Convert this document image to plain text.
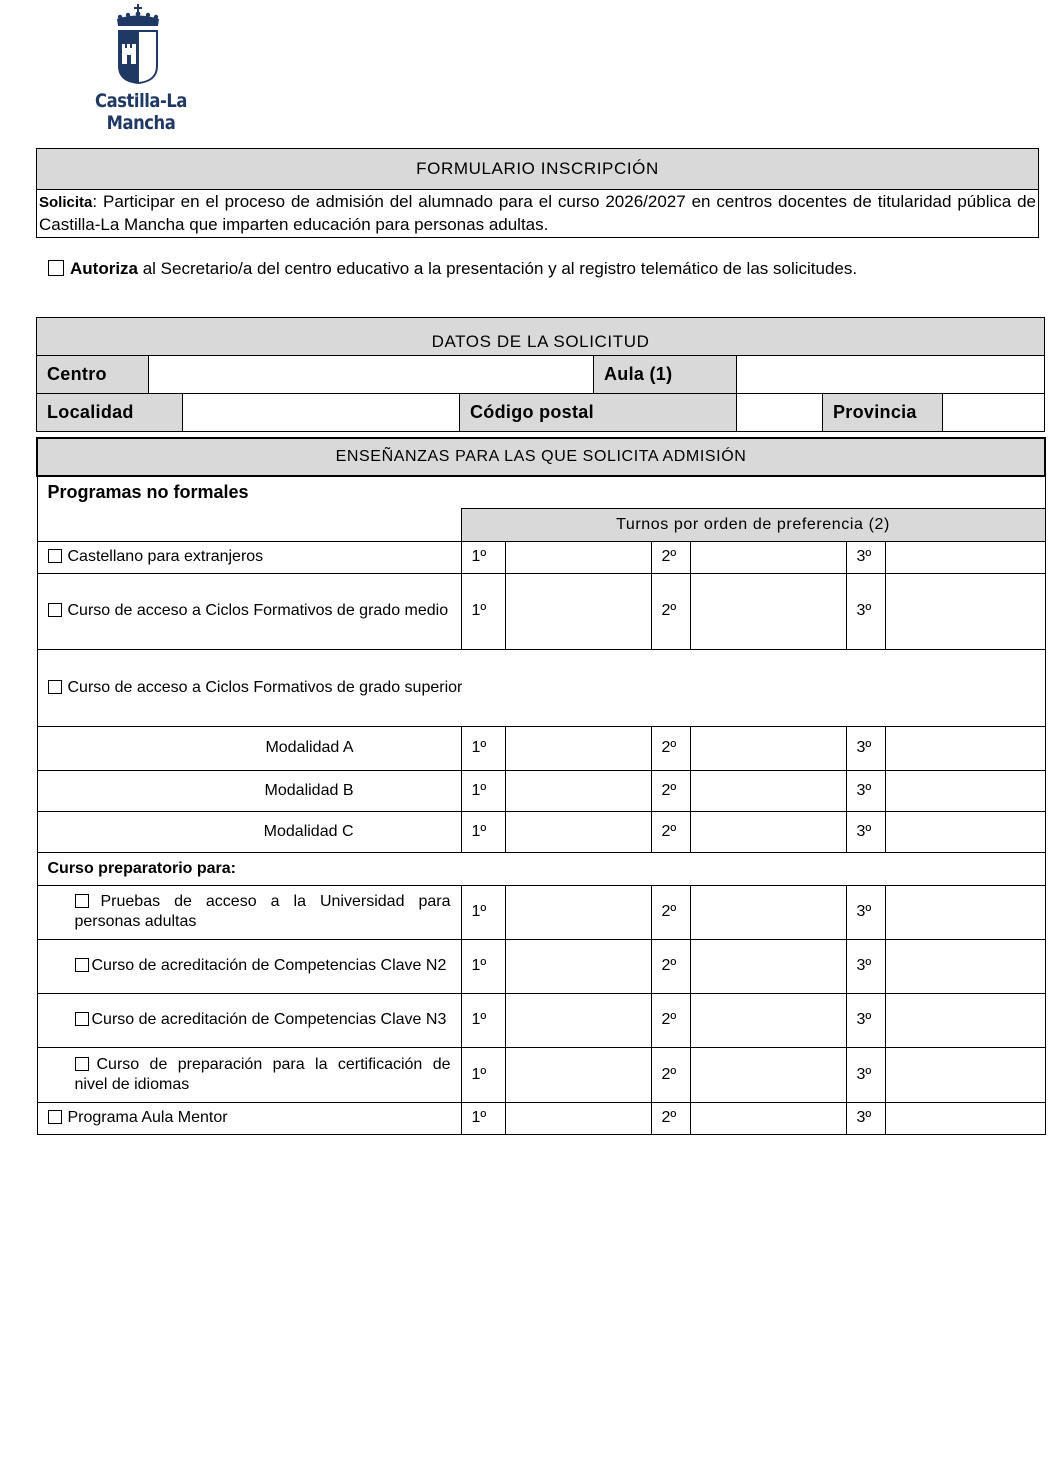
Castilla-La Mancha
FORMULARIO INSCRIPCIÓN
Solicita: Participar en el proceso de admisión del alumnado para el curso 2026/2027 en centros docentes de titularidad pública de Castilla-La Mancha que imparten educación para personas adultas.
Autoriza al Secretario/a del centro educativo a la presentación y al registro telemático de las solicitudes.
DATOS DE LA SOLICITUD							
Centro				Aula (1)			
Localidad			Código postal			Provincia	
ENSEÑANZAS PARA LAS QUE SOLICITA ADMISIÓN						
Programas no formales						
	Turnos por orden de preferencia (2)					
Castellano para extranjeros	1º		2º		3º	
Curso de acceso a Ciclos Formativos de grado medio	1º		2º		3º	
Curso de acceso a Ciclos Formativos de grado superior						
Modalidad A	1º		2º		3º	
Modalidad B	1º		2º		3º	
Modalidad C	1º		2º		3º	
Curso preparatorio para:						
Pruebas de acceso a la Universidad para personas adultas	1º		2º		3º	
Curso de acreditación de Competencias Clave N2	1º		2º		3º	
Curso de acreditación de Competencias Clave N3	1º		2º		3º	
Curso de preparación para la certificación de nivel de idiomas	1º		2º		3º	
Programa Aula Mentor	1º		2º		3º	
